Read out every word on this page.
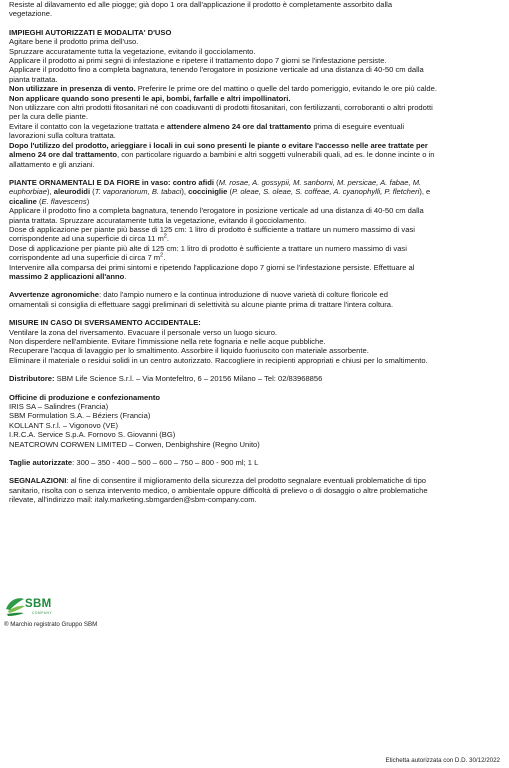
Resiste al dilavamento ed alle piogge; già dopo 1 ora dall'applicazione il prodotto è completamente assorbito dalla
vegetazione.

IMPIEGHI AUTORIZZATI E MODALITA' D'USO

Agitare bene il prodotto prima dell'uso.

Spruzzare accuratamente tutta la vegetazione, evitando il gocciolamento.

Applicare il prodotto ai primi segni di infestazione e ripetere il trattamento dopo 7 giorni se l'infestazione persiste.

Applicare il prodotto fino a completa bagnatura, tenendo l'erogatore in posizione verticale ad una distanza di 40-50 cm dalla

pianta trattata.

Non utilizzare in presenza di vento. Preferire le prime ore del mattino o quelle del tardo pomeriggio, evitando le ore più calde.

Non applicare quando sono presenti le api, bombi, farfalle e altri impollinatori.

Non utilizzare con altri prodotti fitosanitari né con coadiuvanti di prodotti fitosanitari, con fertilizzanti, corroboranti o altri prodotti
per la cura delle piante.

Evitare il contatto con la vegetazione trattata e attendere almeno 24 ore dal trattamento prima di eseguire eventuali
lavorazioni sulla coltura trattata.

Dopo l'utilizzo del prodotto, arieggiare i locali in cui sono presenti le piante o evitare l'accesso nelle aree trattate per
almeno 24 ore dal trattamento, con particolare riguardo a bambini e altri soggetti vulnerabili quali, ad es. le donne incinte o in
allattamento e gli anziani.

PIANTE ORNAMENTALI E DA FIORE in vaso: contro afidi (M. rosae, A. gossypii, M. sanborni, M. persicae, A. fabae, M.
euphorbiae), aleurodidi (T. vaporariorum, B. tabaci), cocciniglie (P. oleae, S. oleae, S. coffeae, A. cyanophylli, P. fletcheri), e
cicaline (E. flavescens)

Applicare il prodotto fino a completa bagnatura, tenendo l'erogatore in posizione verticale ad una distanza di 40-50 cm dalla
pianta trattata. Spruzzare accuratamente tutta la vegetazione, evitando il gocciolamento.

Dose di applicazione per piante più basse di 125 cm: 1 litro di prodotto è sufficiente a trattare un numero massimo di vasi
corrispondente ad una superficie di circa 11 $m^2$.

Dose di applicazione per piante più alte di 125 cm: 1 litro di prodotto è sufficiente a trattare un numero massimo di vasi
corrispondente ad una superficie di circa 7 $m^2$.

Intervenire alla comparsa dei primi sintomi e ripetendo l'applicazione dopo 7 giorni se l'infestazione persiste. Effettuare al
massimo 2 applicazioni all'anno.

Avvertenze agronomiche: dato l'ampio numero e la continua introduzione di nuove varietà di colture floricole ed
ornamentali si consiglia di effettuare saggi preliminari di selettività su alcune piante prima di trattare l'intera coltura.

MISURE IN CASO DI SVERSAMENTO ACCIDENTALE:

Ventilare la zona del riversamento. Evacuare il personale verso un luogo sicuro.

Non disperdere nell'ambiente. Evitare l'immissione nella rete fognaria e nelle acque pubbliche.

Recuperare l'acqua di lavaggio per lo smaltimento. Assorbire il liquido fuoriuscito con materiale assorbente.

Eliminare il materiale o residui solidi in un centro autorizzato. Raccogliere in recipienti appropriati e chiusi per lo smaltimento.

Distributore: SBM Life Science S.r.l. – Via Montefeltro, 6 – 20156 Milano – Tel: 02/83968856

Officine di produzione e confezionamento

IRIS SA – Salindres (Francia)

SBM Formulation S.A. – Béziers (Francia)

KOLLANT S.r.l. – Vigonovo (VE)

I.R.C.A. Service S.p.A. Fornovo S. Giovanni (BG)

NEATCROWN CORWEN LIMITED – Corwen, Denbighshire (Regno Unito)

Taglie autorizzate: 300 – 350 - 400 – 500 – 600 – 750 – 800 - 900 ml; 1 L

SEGNALAZIONI: al fine di consentire il miglioramento della sicurezza del prodotto segnalare eventuali problematiche di tipo
sanitario, risolta con o senza intervento medico, o ambientale oppure difficoltà di prelievo o di dosaggio o altre problematiche
rilevate, all'indirizzo mail: italy.marketing.sbmgarden@sbm-company.com.

SBM
COMPANY
® Marchio registrato Gruppo SBM
Etichetta autorizzata con D.D. 30/12/2022
